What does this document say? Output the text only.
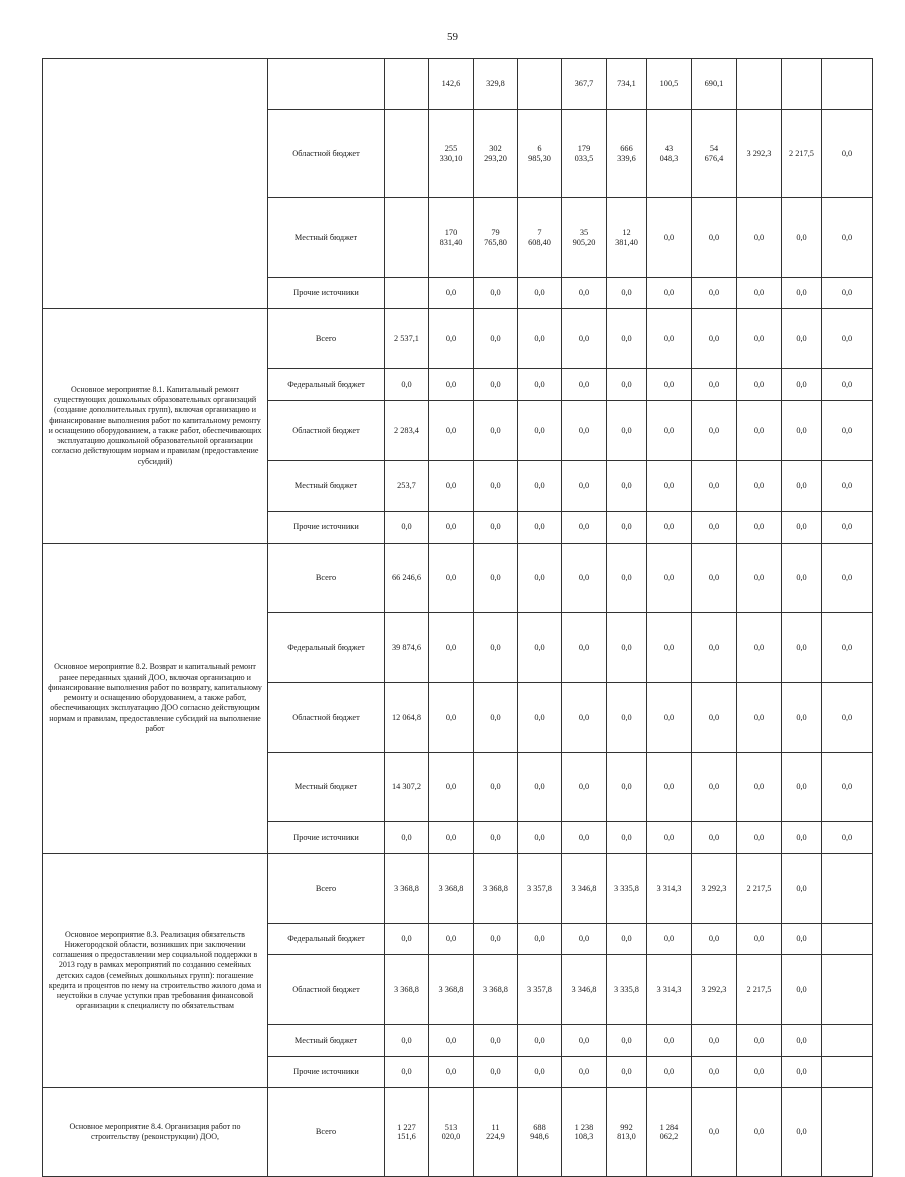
59
			142,6	329,8		367,7	734,1	100,5	690,1				
	Областной бюджет		255
330,10	302
293,20	6
985,30	179
033,5	666
339,6	43
048,3	54
676,4	3 292,3	2 217,5	0,0	

	Местный бюджет		170
831,40	79
765,80	7
608,40	35
905,20	12
381,40	0,0	0,0	0,0	0,0	0,0	
	Прочие источники		0,0	0,0	0,0	0,0	0,0	0,0	0,0	0,0	0,0	0,0	
Основное мероприятие 8.1. Капитальный ремонт существующих дошкольных образовательных организаций (создание дополнительных групп), включая организацию и финансирование выполнения работ по капитальному ремонту и оснащению оборудованием, а также работ, обеспечивающих эксплуатацию дошкольной образовательной организации согласно действующим нормам и правилам (предоставление субсидий)	Всего	2 537,1	0,0	0,0	0,0	0,0	0,0	0,0	0,0	0,0	0,0	0,0	
	Федеральный бюджет	0,0	0,0	0,0	0,0	0,0	0,0	0,0	0,0	0,0	0,0	0,0	
	Областной бюджет	2 283,4	0,0	0,0	0,0	0,0	0,0	0,0	0,0	0,0	0,0	0,0	
	Местный бюджет	253,7	0,0	0,0	0,0	0,0	0,0	0,0	0,0	0,0	0,0	0,0	
	Прочие источники	0,0	0,0	0,0	0,0	0,0	0,0	0,0	0,0	0,0	0,0	0,0	
Основное мероприятие 8.2. Возврат и капитальный ремонт ранее переданных зданий ДОО, включая организацию и финансирование выполнения работ по возврату, капитальному ремонту и оснащению оборудованием, а также работ, обеспечивающих эксплуатацию ДОО согласно действующим нормам и правилам, предоставление субсидий на выполнение работ	Всего	66 246,6	0,0	0,0	0,0	0,0	0,0	0,0	0,0	0,0	0,0	0,0	
	Федеральный бюджет	39 874,6	0,0	0,0	0,0	0,0	0,0	0,0	0,0	0,0	0,0	0,0	
	Областной бюджет	12 064,8	0,0	0,0	0,0	0,0	0,0	0,0	0,0	0,0	0,0	0,0	
	Местный бюджет	14 307,2	0,0	0,0	0,0	0,0	0,0	0,0	0,0	0,0	0,0	0,0	
	Прочие источники	0,0	0,0	0,0	0,0	0,0	0,0	0,0	0,0	0,0	0,0	0,0	
Основное мероприятие 8.3. Реализация обязательств Нижегородской области, возникших при заключении соглашения о предоставлении мер социальной поддержки в 2013 году в рамках мероприятий по созданию семейных детских садов (семейных дошкольных групп): погашение кредита и процентов по нему на строительство жилого дома и неустойки в случае уступки прав требования финансовой организации к специалисту по обязательствам	Всего	3 368,8	3 368,8	3 368,8	3 357,8	3 346,8	3 335,8	3 314,3	3 292,3	2 217,5	0,0		
	Федеральный бюджет	0,0	0,0	0,0	0,0	0,0	0,0	0,0	0,0	0,0	0,0		
	Областной бюджет	3 368,8	3 368,8	3 368,8	3 357,8	3 346,8	3 335,8	3 314,3	3 292,3	2 217,5	0,0		
	Местный бюджет	0,0	0,0	0,0	0,0	0,0	0,0	0,0	0,0	0,0	0,0		
	Прочие источники	0,0	0,0	0,0	0,0	0,0	0,0	0,0	0,0	0,0	0,0		
Основное мероприятие 8.4. Организация работ по строительству (реконструкции) ДОО,	Всего	1 227
151,6	513
020,0	11
224,9	688
948,6	1 238
108,3	992
813,0	1 284
062,2	0,0	0,0	0,0		
